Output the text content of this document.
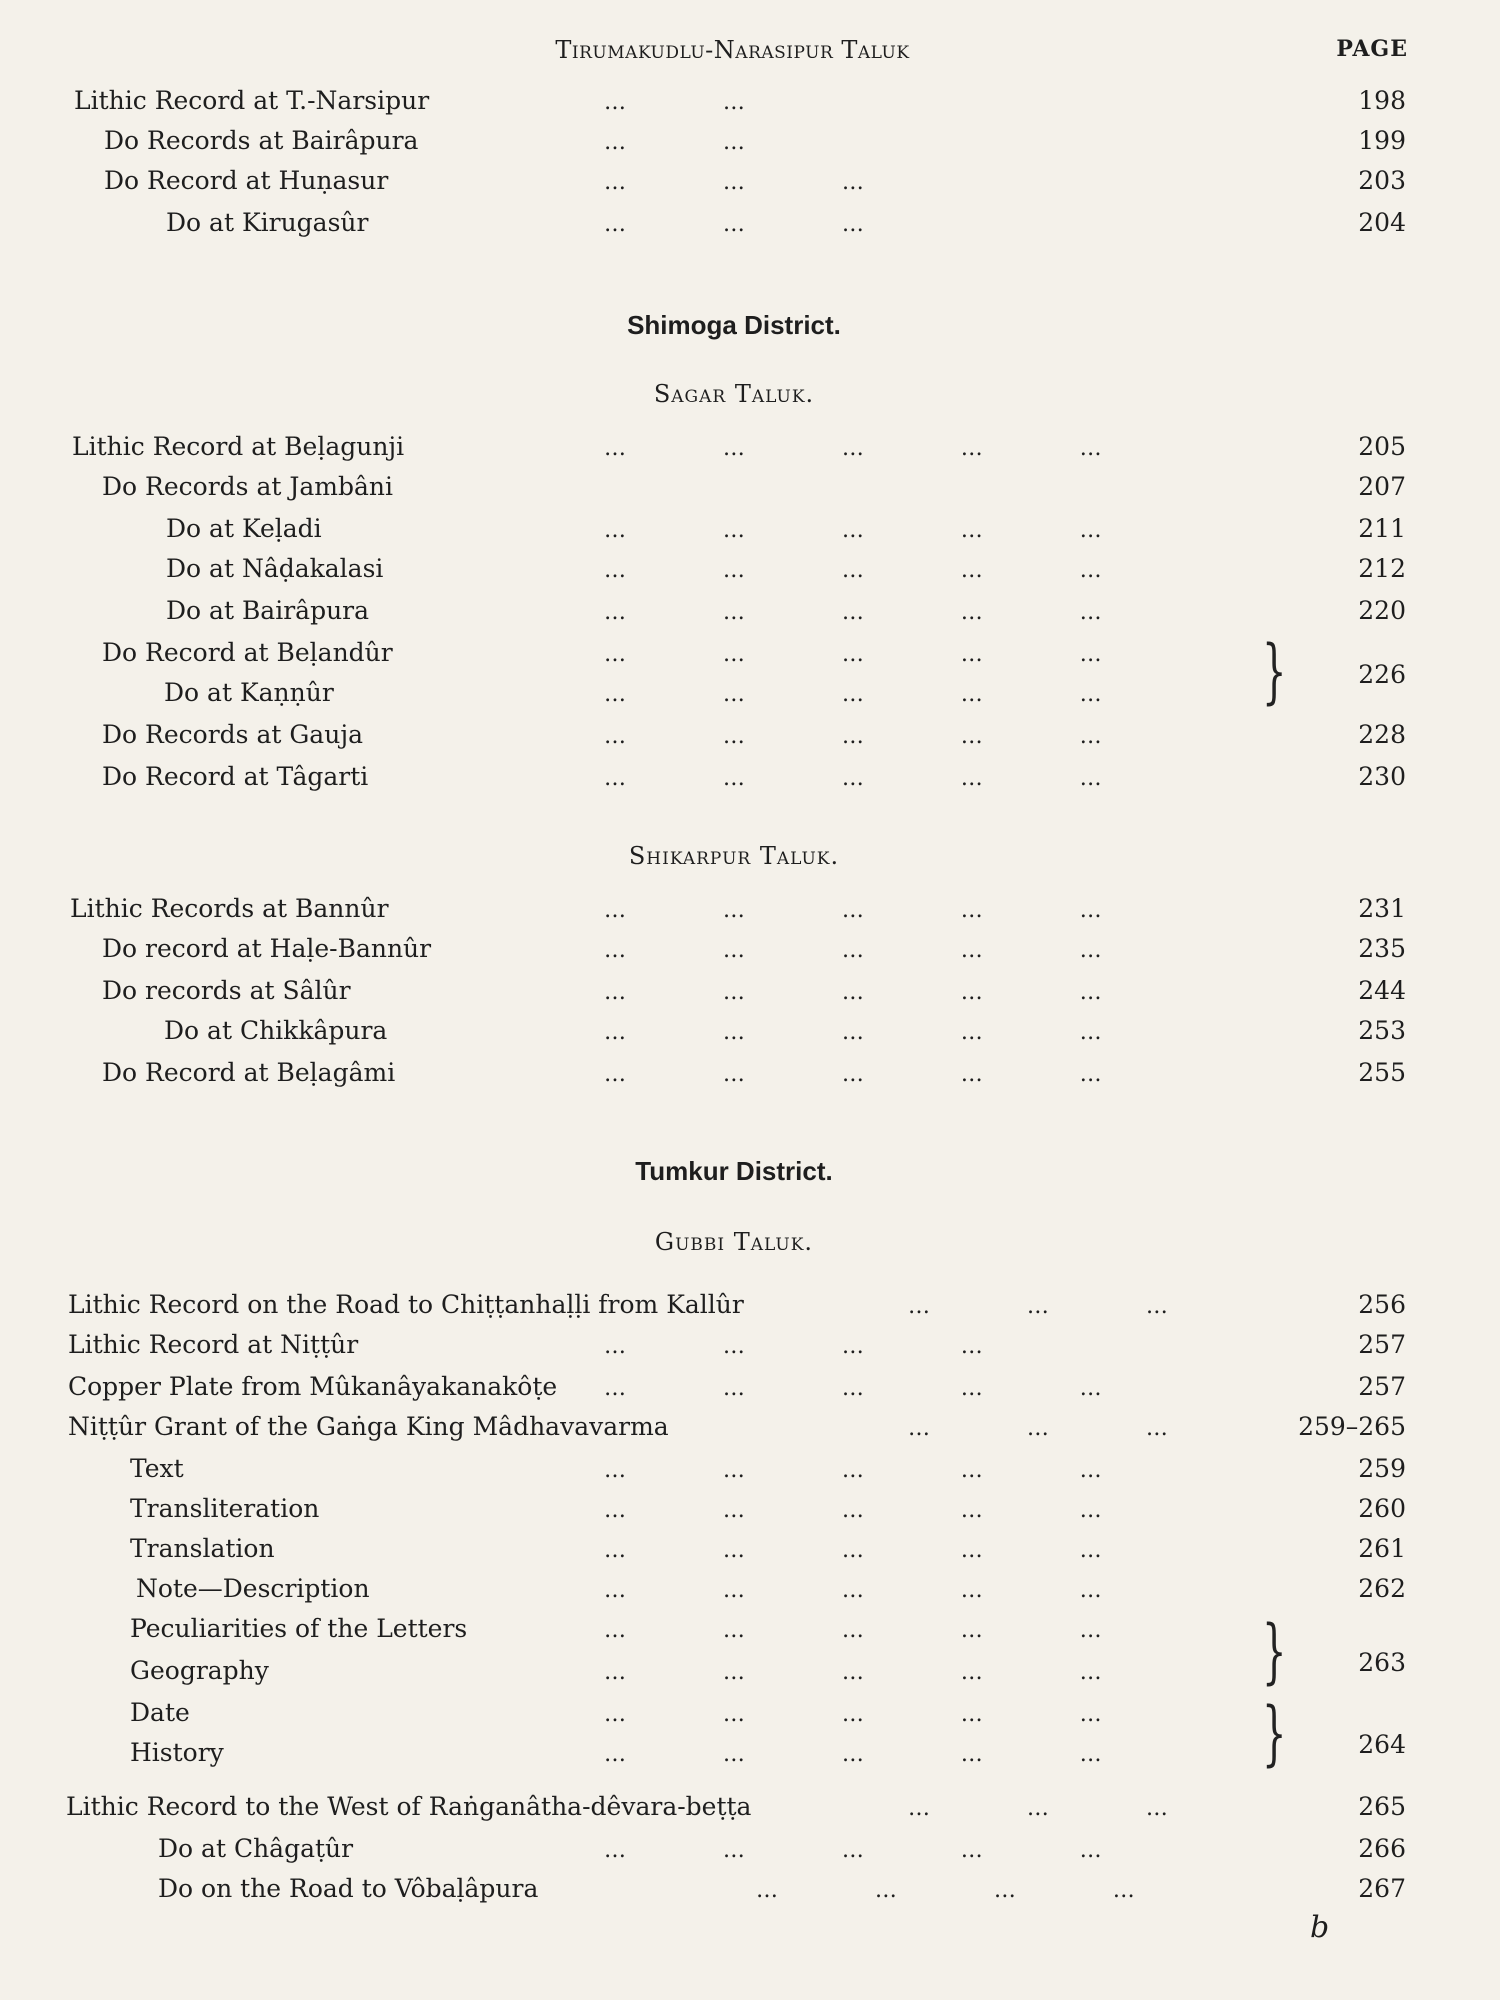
Tirumakudlu-Narasipur Taluk	PAGE
Lithic Record at T.-Narsipur	…            …	198
Do Records at Bairâpura	…            …	199
Do Record at Huṇasur	…            …            …	203
Do at Kirugasûr	…            …            …	204
Shimoga District.
Sagar Taluk.
Lithic Record at Beḷagunji	…            …            …            …            …	205
Do Records at Jambâni	207
Do at Keḷadi	…            …            …            …            …	211
Do at Nâḍakalasi	…            …            …            …            …	212
Do at Bairâpura	…            …            …            …            …	220
Do Record at Beḷandûr	…            …            …            …            …
Do at Kaṇṇûr	…            …            …            …            … }	226
Do Records at Gauja	…            …            …            …            …	228
Do Record at Tâgarti	…            …            …            …            …	230
Shikarpur Taluk.
Lithic Records at Bannûr	…            …            …            …            …	231
Do record at Haḷe-Bannûr	…            …            …            …            …	235
Do records at Sâlûr	…            …            …            …            …	244
Do at Chikkâpura	…            …            …            …            …	253
Do Record at Beḷagâmi	…            …            …            …            …	255
Tumkur District.
Gubbi Taluk.
Lithic Record on the Road to Chiṭṭanhaḷḷi from Kallûr	…            …            …	256
Lithic Record at Niṭṭûr	…            …            …            …	257
Copper Plate from Mûkanâyakanakôṭe …            …            …            …            …	257
Niṭṭûr Grant of the Gaṅga King Mâdhavavarma	…            …            …	259–265
Text	…            …            …            …            …	259
Transliteration	…            …            …            …            …	260
Translation	…            …            …            …            …	261
Note—Description	…            …            …            …            …	262
Peculiarities of the Letters	…            …            …            …            …
Geography	…            …            …            …            … }	263
Date	…            …            …            …            …
History	…            …            …            …            … }	264
Lithic Record to the West of Raṅganâtha-dêvara-beṭṭa	…            …            …	265
Do at Châgaṭûr	…            …            …            …            …	266
Do on the Road to Vôbaḷâpura	…            …            …            …	267
b
